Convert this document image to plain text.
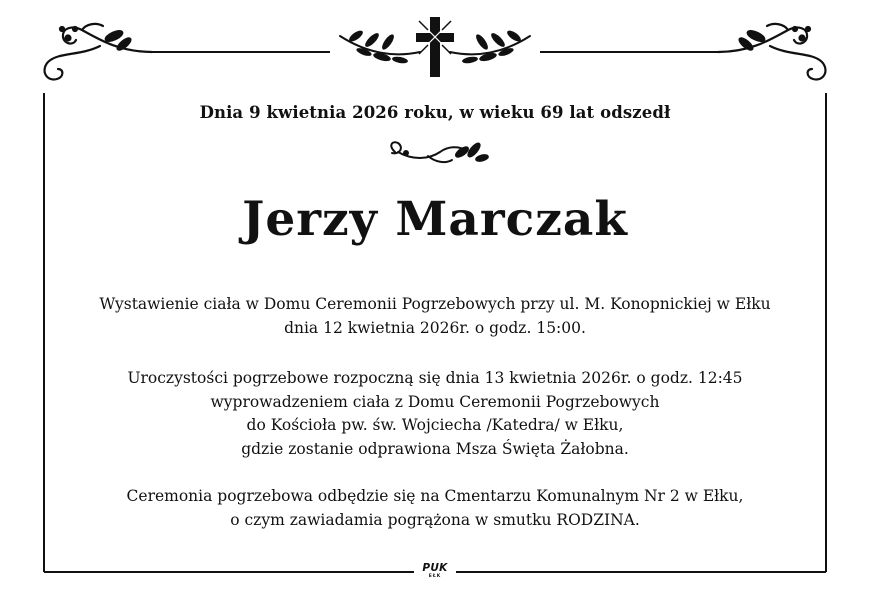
Dnia 9 kwietnia 2026 roku, w wieku 69 lat odszedł
Jerzy Marczak
Wystawienie ciała w Domu Ceremonii Pogrzebowych przy ul. M. Konopnickiej w Ełku
dnia 12 kwietnia 2026r. o godz. 15:00.
Uroczystości pogrzebowe rozpoczną się dnia 13 kwietnia 2026r. o godz. 12:45
wyprowadzeniem ciała z Domu Ceremonii Pogrzebowych
do Kościoła pw. św. Wojciecha /Katedra/ w Ełku,
gdzie zostanie odprawiona Msza Święta Żałobna.
Ceremonia pogrzebowa odbędzie się na Cmentarzu Komunalnym Nr 2 w Ełku,
o czym zawiadamia pogrążona w smutku RODZINA.
PUK
EŁK
